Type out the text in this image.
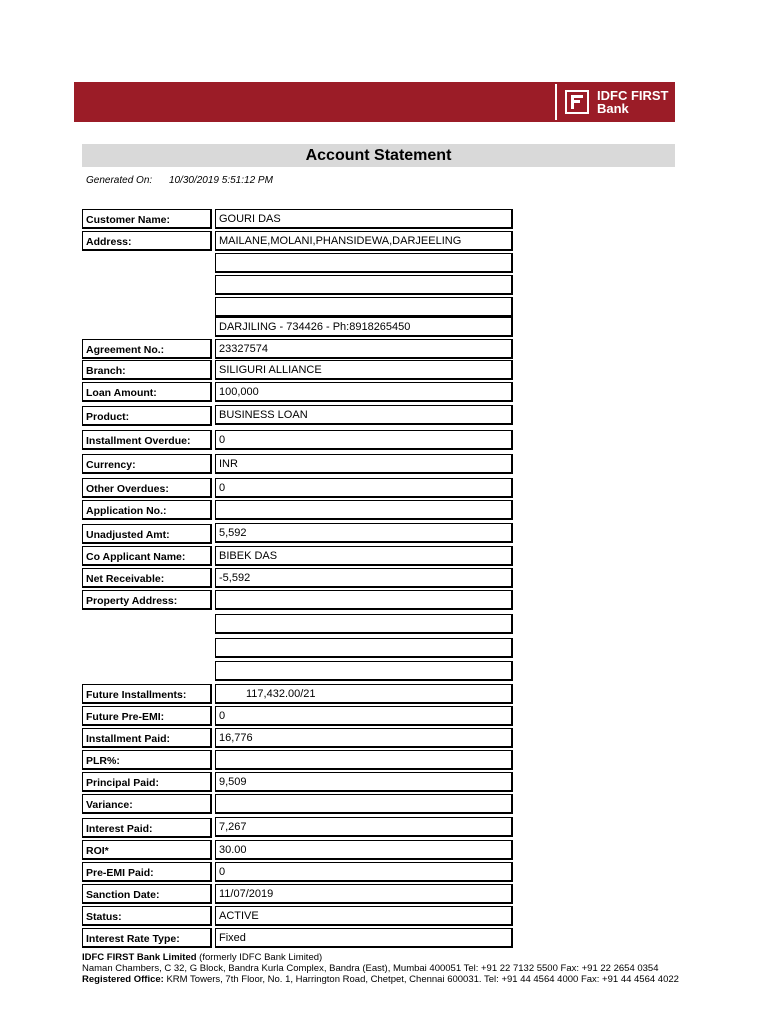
IDFC FIRST
Bank
Account Statement
Generated On: 10/30/2019 5:51:12 PM
Customer Name:	GOURI DAS
Address:	MAILANE,MOLANI,PHANSIDEWA,DARJEELING
DARJILING - 734426 - Ph:8918265450
Agreement No.:	23327574
Branch:	SILIGURI ALLIANCE
Loan Amount:	100,000
Product:	BUSINESS LOAN
Installment Overdue:	0
Currency:	INR
Other Overdues:	0
Application No.:
Unadjusted Amt:	5,592
Co Applicant Name:	BIBEK DAS
Net Receivable:	-5,592
Property Address:
Future Installments:	117,432.00/21
Future Pre-EMI:	0
Installment Paid:	16,776
PLR%:
Principal Paid:	9,509
Variance:
Interest Paid:	7,267
ROI*	30.00
Pre-EMI Paid:	0
Sanction Date:	11/07/2019
Status:	ACTIVE
Interest Rate Type:	Fixed
IDFC FIRST Bank Limited (formerly IDFC Bank Limited)
Naman Chambers, C 32, G Block, Bandra Kurla Complex, Bandra (East), Mumbai 400051 Tel: +91 22 7132 5500 Fax: +91 22 2654 0354
Registered Office: KRM Towers, 7th Floor, No. 1, Harrington Road, Chetpet, Chennai 600031. Tel: +91 44 4564 4000 Fax: +91 44 4564 4022
